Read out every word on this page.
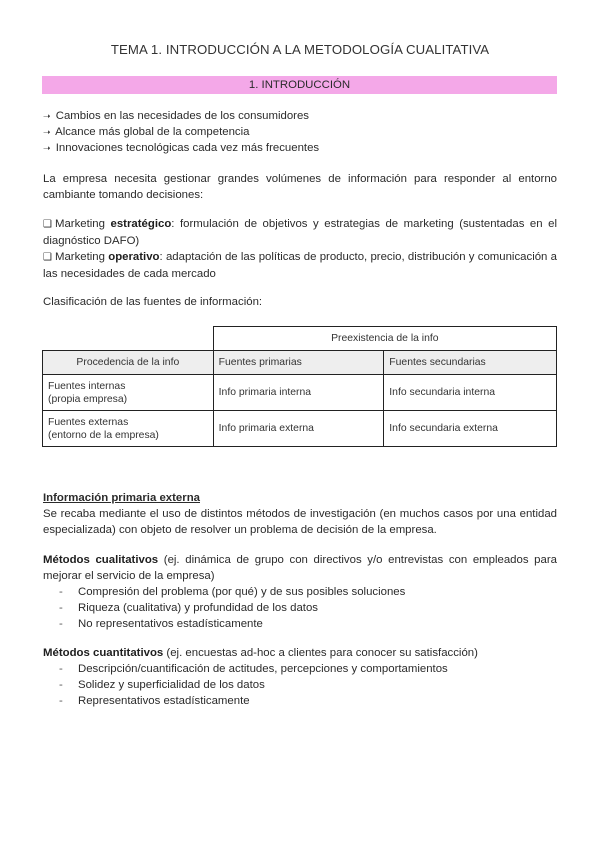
TEMA 1. INTRODUCCIÓN A LA METODOLOGÍA CUALITATIVA
1. INTRODUCCIÓN
➝ Cambios en las necesidades de los consumidores
➝ Alcance más global de la competencia
➝ Innovaciones tecnológicas cada vez más frecuentes
La empresa necesita gestionar grandes volúmenes de información para responder al entorno cambiante tomando decisiones:
❑ Marketing estratégico: formulación de objetivos y estrategias de marketing (sustentadas en el diagnóstico DAFO)
❑ Marketing operativo: adaptación de las políticas de producto, precio, distribución y comunicación a las necesidades de cada mercado
Clasificación de las fuentes de información:
	Preexistencia de la info	
Procedencia de la info	Fuentes primarias	Fuentes secundarias
Fuentes internas
(propia empresa)	Info primaria interna	Info secundaria interna
Fuentes externas
(entorno de la empresa)	Info primaria externa	Info secundaria externa
Información primaria externa
Se recaba mediante el uso de distintos métodos de investigación (en muchos casos por una entidad especializada) con objeto de resolver un problema de decisión de la empresa.
Métodos cualitativos (ej. dinámica de grupo con directivos y/o entrevistas con empleados para mejorar el servicio de la empresa)
- Compresión del problema (por qué) y de sus posibles soluciones
- Riqueza (cualitativa) y profundidad de los datos
- No representativos estadísticamente
Métodos cuantitativos (ej. encuestas ad-hoc a clientes para conocer su satisfacción)
- Descripción/cuantificación de actitudes, percepciones y comportamientos
- Solidez y superficialidad de los datos
- Representativos estadísticamente
